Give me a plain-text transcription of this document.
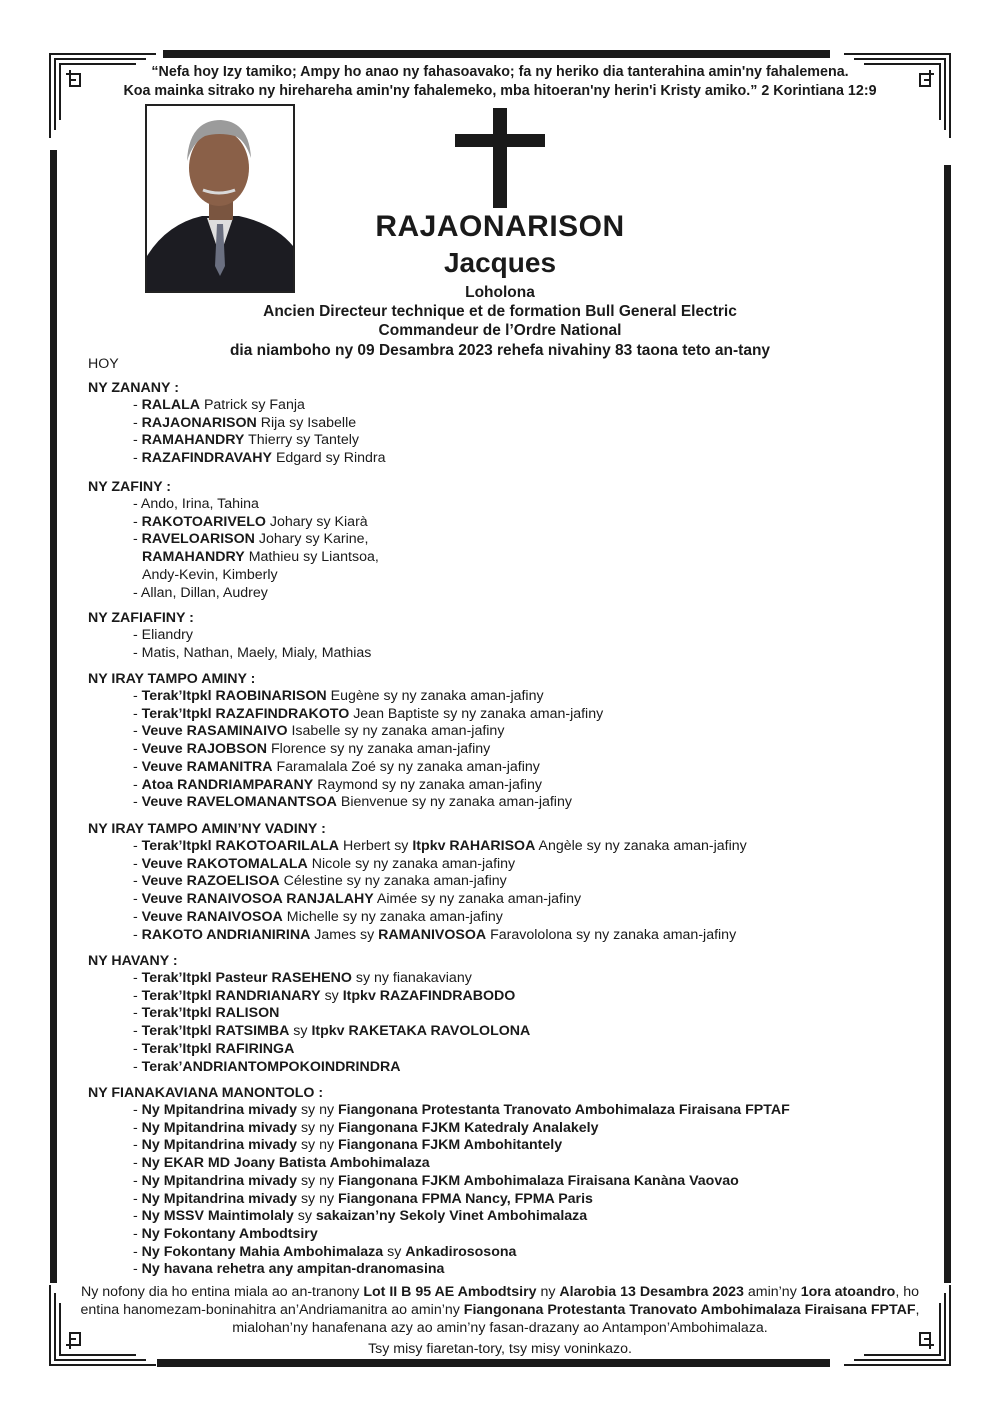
“Nefa hoy Izy tamiko; Ampy ho anao ny fahasoavako; fa ny heriko dia tanterahina amin'ny fahalemena.
Koa mainka sitrako ny hirehareha amin'ny fahalemeko, mba hitoeran'ny herin'i Kristy amiko.” 2 Korintiana 12:9
RAJAONARISON
Jacques
Loholona
Ancien Directeur technique et de formation Bull General Electric
Commandeur de l’Ordre National
dia niamboho ny 09 Desambra 2023 rehefa nivahiny 83 taona teto an-tany
HOY
NY ZANANY :
- RALALA Patrick sy Fanja
- RAJAONARISON Rija sy Isabelle
- RAMAHANDRY Thierry sy Tantely
- RAZAFINDRAVAHY Edgard sy Rindra
NY ZAFINY :
- Ando, Irina, Tahina
- RAKOTOARIVELO Johary sy Kiarà
- RAVELOARISON Johary sy Karine,
RAMAHANDRY Mathieu sy Liantsoa,
Andy-Kevin, Kimberly
- Allan, Dillan, Audrey
NY ZAFIAFINY :
- Eliandry
- Matis, Nathan, Maely, Mialy, Mathias
NY IRAY TAMPO AMINY :
- Terak’Itpkl RAOBINARISON Eugène sy ny zanaka aman-jafiny
- Terak’Itpkl RAZAFINDRAKOTO Jean Baptiste sy ny zanaka aman-jafiny
- Veuve RASAMINAIVO Isabelle sy ny zanaka aman-jafiny
- Veuve RAJOBSON Florence sy ny zanaka aman-jafiny
- Veuve RAMANITRA Faramalala Zoé sy ny zanaka aman-jafiny
- Atoa RANDRIAMPARANY Raymond sy ny zanaka aman-jafiny
- Veuve RAVELOMANANTSOA Bienvenue sy ny zanaka aman-jafiny
NY IRAY TAMPO AMIN’NY VADINY :
- Terak’Itpkl RAKOTOARILALA Herbert sy Itpkv RAHARISOA Angèle sy ny zanaka aman-jafiny
- Veuve RAKOTOMALALA Nicole sy ny zanaka aman-jafiny
- Veuve RAZOELISOA Célestine sy ny zanaka aman-jafiny
- Veuve RANAIVOSOA RANJALAHY Aimée sy ny zanaka aman-jafiny
- Veuve RANAIVOSOA Michelle sy ny zanaka aman-jafiny
- RAKOTO ANDRIANIRINA James sy RAMANIVOSOA Faravololona sy ny zanaka aman-jafiny
NY HAVANY :
- Terak’Itpkl Pasteur RASEHENO sy ny fianakaviany
- Terak’Itpkl RANDRIANARY sy Itpkv RAZAFINDRABODO
- Terak’Itpkl RALISON
- Terak’Itpkl RATSIMBA sy Itpkv RAKETAKA RAVOLOLONA
- Terak’Itpkl RAFIRINGA
- Terak’ANDRIANTOMPOKOINDRINDRA
NY FIANAKAVIANA MANONTOLO :
- Ny Mpitandrina mivady sy ny Fiangonana Protestanta Tranovato Ambohimalaza Firaisana FPTAF
- Ny Mpitandrina mivady sy ny Fiangonana FJKM Katedraly Analakely
- Ny Mpitandrina mivady sy ny Fiangonana FJKM Ambohitantely
- Ny EKAR MD Joany Batista Ambohimalaza
- Ny Mpitandrina mivady sy ny Fiangonana FJKM Ambohimalaza Firaisana Kanàna Vaovao
- Ny Mpitandrina mivady sy ny Fiangonana FPMA Nancy, FPMA Paris
- Ny MSSV Maintimolaly sy sakaizan’ny Sekoly Vinet Ambohimalaza
- Ny Fokontany Ambodtsiry
- Ny Fokontany Mahia Ambohimalaza sy Ankadirososona
- Ny havana rehetra any ampitan-dranomasina
Ny nofony dia ho entina miala ao an-tranony Lot II B 95 AE Ambodtsiry ny Alarobia 13 Desambra 2023 amin’ny 1ora atoandro, ho entina hanomezam-boninahitra an’Andriamanitra ao amin’ny Fiangonana Protestanta Tranovato Ambohimalaza Firaisana FPTAF, mialohan’ny hanafenana azy ao amin’ny fasan-drazany ao Antampon’Ambohimalaza.
Tsy misy fiaretan-tory, tsy misy voninkazo.
